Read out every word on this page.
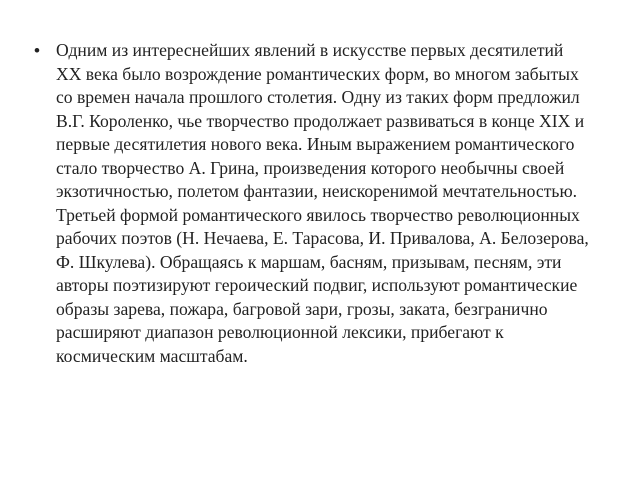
• Одним из интереснейших явлений в искусстве первых десятилетий XX века было возрождение романтических форм, во многом забытых со времен начала прошлого столетия. Одну из таких форм предложил В.Г. Короленко, чье творчество продолжает развиваться в конце XIX и первые десятилетия нового века. Иным выражением романтического стало творчество А. Грина, произведения которого необычны своей экзотичностью, полетом фантазии, неискоренимой мечтательностью. Третьей формой романтического явилось творчество революционных рабочих поэтов (Н. Нечаева, Е. Тарасова, И. Привалова, А. Белозерова, Ф. Шкулева). Обращаясь к маршам, басням, призывам, песням, эти авторы поэтизируют героический подвиг, используют романтические образы зарева, пожара, багровой зари, грозы, заката, безгранично расширяют диапазон революционной лексики, прибегают к космическим масштабам.
